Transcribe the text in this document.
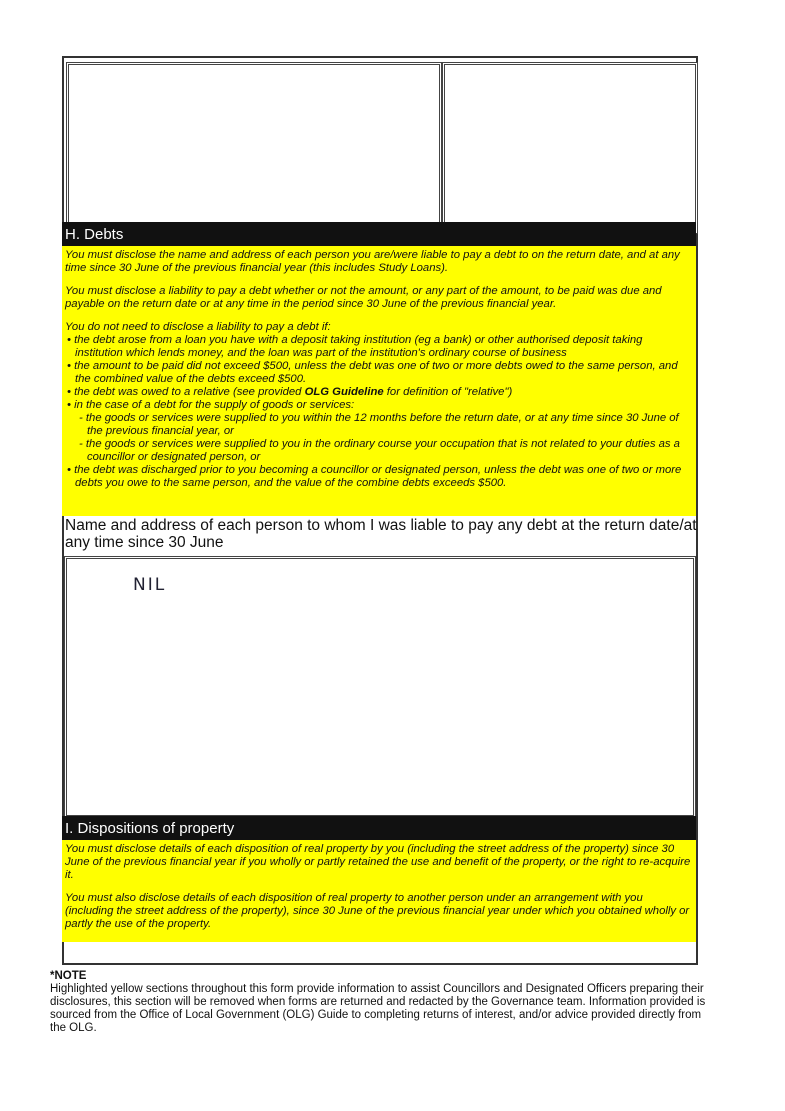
H. Debts

You must disclose the name and address of each person you are/were liable to pay a debt to on the return date, and at any time since 30 June of the previous financial year (this includes Study Loans).

You must disclose a liability to pay a debt whether or not the amount, or any part of the amount, to be paid was due and payable on the return date or at any time in the period since 30 June of the previous financial year.

You do not need to disclose a liability to pay a debt if:
• the debt arose from a loan you have with a deposit taking institution (eg a bank) or other authorised deposit taking institution which lends money, and the loan was part of the institution's ordinary course of business
• the amount to be paid did not exceed $500, unless the debt was one of two or more debts owed to the same person, and the combined value of the debts exceed $500.
• the debt was owed to a relative (see provided OLG Guideline for definition of "relative")
• in the case of a debt for the supply of goods or services:
- the goods or services were supplied to you within the 12 months before the return date, or at any time since 30 June of the previous financial year, or
- the goods or services were supplied to you in the ordinary course your occupation that is not related to your duties as a councillor or designated person, or
• the debt was discharged prior to you becoming a councillor or designated person, unless the debt was one of two or more debts you owe to the same person, and the value of the combine debts exceeds $500.
Name and address of each person to whom I was liable to pay any debt at the return date/at any time since 30 June
NIL
I. Dispositions of property

You must disclose details of each disposition of real property by you (including the street address of the property) since 30 June of the previous financial year if you wholly or partly retained the use and benefit of the property, or the right to re-acquire it.

You must also disclose details of each disposition of real property to another person under an arrangement with you (including the street address of the property), since 30 June of the previous financial year under which you obtained wholly or partly the use of the property.

*NOTE
Highlighted yellow sections throughout this form provide information to assist Councillors and Designated Officers preparing their disclosures, this section will be removed when forms are returned and redacted by the Governance team. Information provided is sourced from the Office of Local Government (OLG) Guide to completing returns of interest, and/or advice provided directly from the OLG.
